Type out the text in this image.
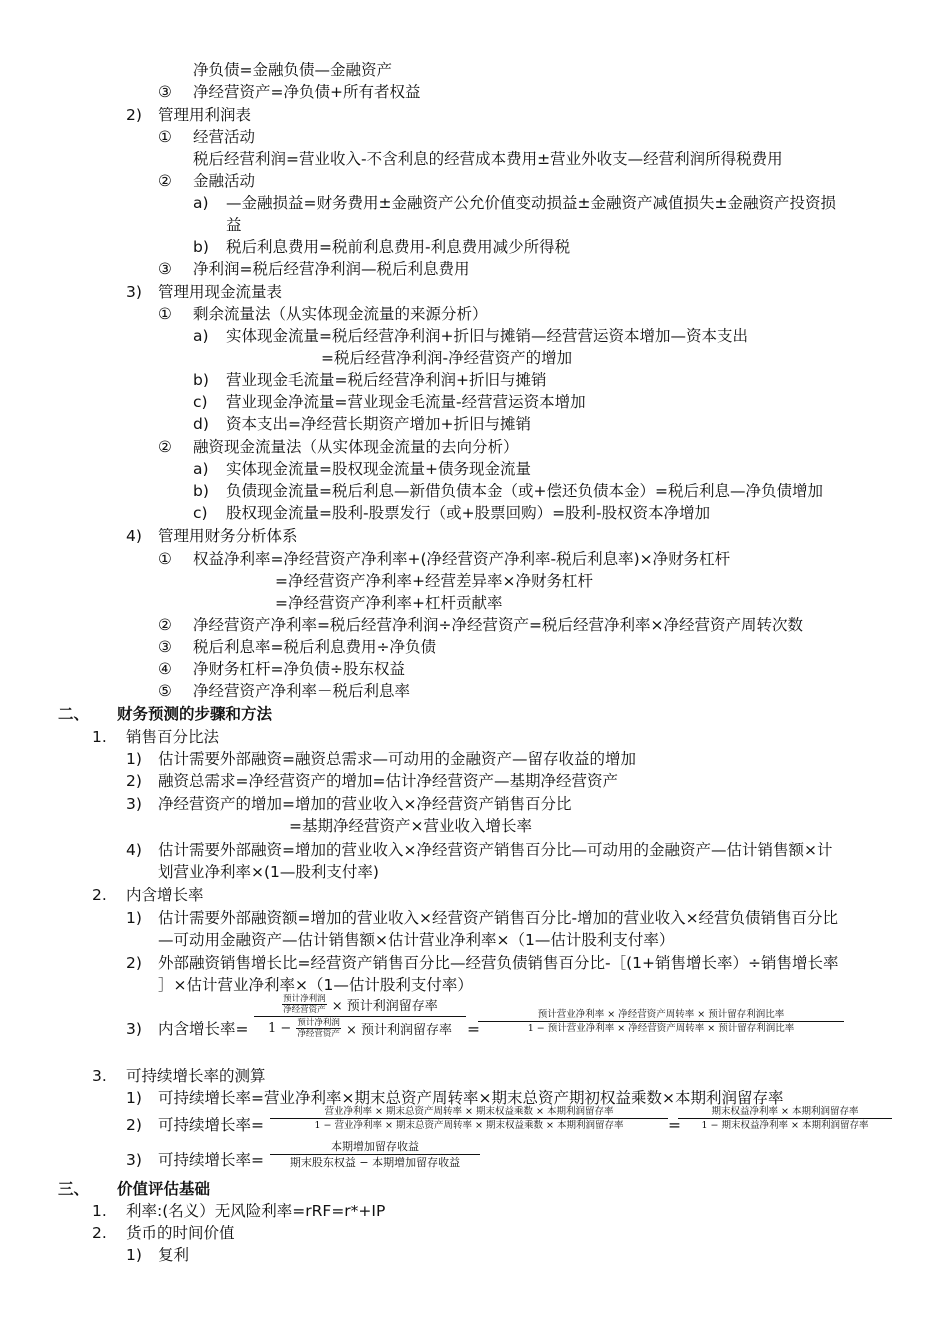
净负债=金融负债—金融资产
③ 净经营资产=净负债+所有者权益
2) 管理用利润表
① 经营活动
税后经营利润=营业收入-不含利息的经营成本费用±营业外收支—经营利润所得税费用
② 金融活动
a) —金融损益=财务费用±金融资产公允价值变动损益±金融资产减值损失±金融资产投资损
益
b) 税后利息费用=税前利息费用-利息费用减少所得税
③ 净利润=税后经营净利润—税后利息费用
3) 管理用现金流量表
① 剩余流量法（从实体现金流量的来源分析）
a) 实体现金流量=税后经营净利润+折旧与摊销—经营营运资本增加—资本支出
=税后经营净利润-净经营资产的增加
b) 营业现金毛流量=税后经营净利润+折旧与摊销
c) 营业现金净流量=营业现金毛流量-经营营运资本增加
d) 资本支出=净经营长期资产增加+折旧与摊销
② 融资现金流量法（从实体现金流量的去向分析）
a) 实体现金流量=股权现金流量+债务现金流量
b) 负债现金流量=税后利息—新借负债本金（或+偿还负债本金）=税后利息—净负债增加
c) 股权现金流量=股利-股票发行（或+股票回购）=股利-股权资本净增加
4) 管理用财务分析体系
① 权益净利率=净经营资产净利率+(净经营资产净利率-税后利息率)×净财务杠杆
=净经营资产净利率+经营差异率×净财务杠杆
=净经营资产净利率+杠杆贡献率
② 净经营资产净利率=税后经营净利润÷净经营资产=税后经营净利率×净经营资产周转次数
③ 税后利息率=税后利息费用÷净负债
④ 净财务杠杆=净负债÷股东权益
⑤ 净经营资产净利率－税后利息率
二、 财务预测的步骤和方法
1. 销售百分比法
1) 估计需要外部融资=融资总需求—可动用的金融资产—留存收益的增加
2) 融资总需求=净经营资产的增加=估计净经营资产—基期净经营资产
3) 净经营资产的增加=增加的营业收入×净经营资产销售百分比
=基期净经营资产×营业收入增长率
4) 估计需要外部融资=增加的营业收入×净经营资产销售百分比—可动用的金融资产—估计销售额×计
划营业净利率×(1—股利支付率)
2. 内含增长率
1) 估计需要外部融资额=增加的营业收入×经营资产销售百分比-增加的营业收入×经营负债销售百分比
—可动用金融资产—估计销售额×估计营业净利率×（1—估计股利支付率）
2) 外部融资销售增长比=经营资产销售百分比—经营负债销售百分比-［(1+销售增长率）÷销售增长率
］×估计营业净利率×（1—估计股利支付率）
3) 内含增长率=
预计净利润
净经营资产 × 预计利润留存率
1 − 预计净利润
净经营资产 × 预计利润留存率 =
预计营业净利率 × 净经营资产周转率 × 预计留存利润比率
1 − 预计营业净利率 × 净经营资产周转率 × 预计留存利润比率
3. 可持续增长率的测算
1) 可持续增长率=营业净利率×期末总资产周转率×期末总资产期初权益乘数×本期利润留存率
2) 可持续增长率=
营业净利率 × 期末总资产周转率 × 期末权益乘数 × 本期利润留存率
1 − 营业净利率 × 期末总资产周转率 × 期末权益乘数 × 本期利润留存率	=
期末权益净利率 × 本期利润留存率
1 − 期末权益净利率 × 本期利润留存率
3) 可持续增长率=
本期增加留存收益
期末股东权益 − 本期增加留存收益
三、 价值评估基础
1. 利率:(名义）无风险利率=rRF=r*+IP
2. 货币的时间价值
1) 复利
